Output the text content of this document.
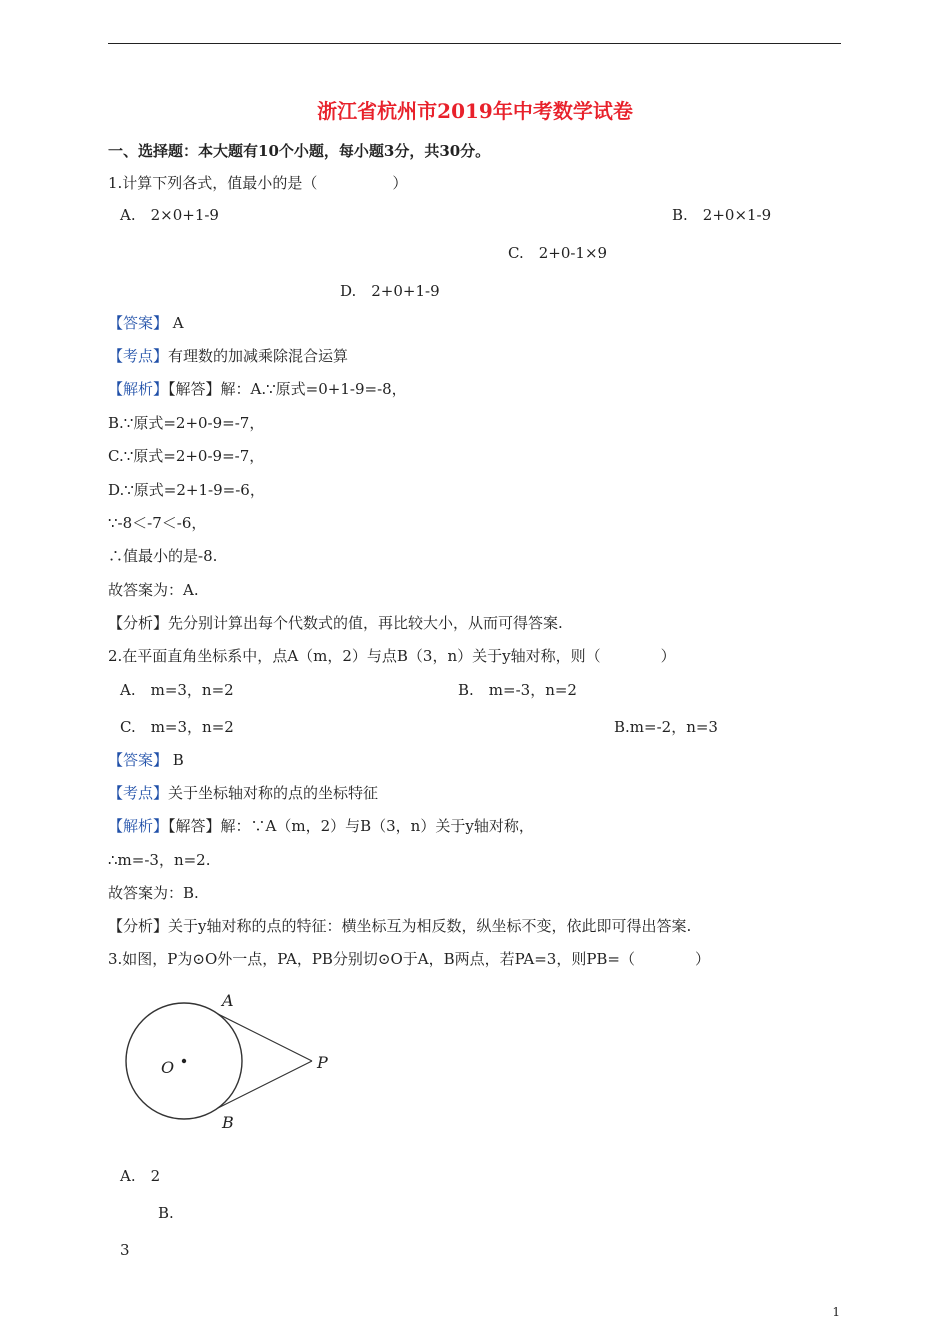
浙江省杭州市2019年中考数学试卷
一、选择题：本大题有10个小题，每小题3分，共30分。
1.计算下列各式，值最小的是（　　　　　）
A.　2×0+1-9	B.　2+0×1-9
C.　2+0-1×9
D.　2+0+1-9
【答案】 A
【考点】有理数的加减乘除混合运算
【解析】【解答】解：A.∵原式=0+1-9=-8，
B.∵原式=2+0-9=-7，
C.∵原式=2+0-9=-7，
D.∵原式=2+1-9=-6，
∵-8＜-7＜-6，
∴值最小的是-8.
故答案为：A.
【分析】先分别计算出每个代数式的值，再比较大小，从而可得答案.
2.在平面直角坐标系中，点A（m，2）与点B（3，n）关于y轴对称，则（　　　　）
A.　m=3，n=2	B.　m=-3，n=2
C.　m=3，n=2	B.m=-2，n=3
【答案】 B
【考点】关于坐标轴对称的点的坐标特征
【解析】【解答】解：∵A（m，2）与B（3，n）关于y轴对称，
∴m=-3，n=2.
故答案为：B.
【分析】关于y轴对称的点的特征：横坐标互为相反数，纵坐标不变，依此即可得出答案.
3.如图，P为⊙O外一点，PA，PB分别切⊙O于A，B两点，若PA=3，则PB=（　　　　）
A
B
O	P
A.　2
B.
3
1
